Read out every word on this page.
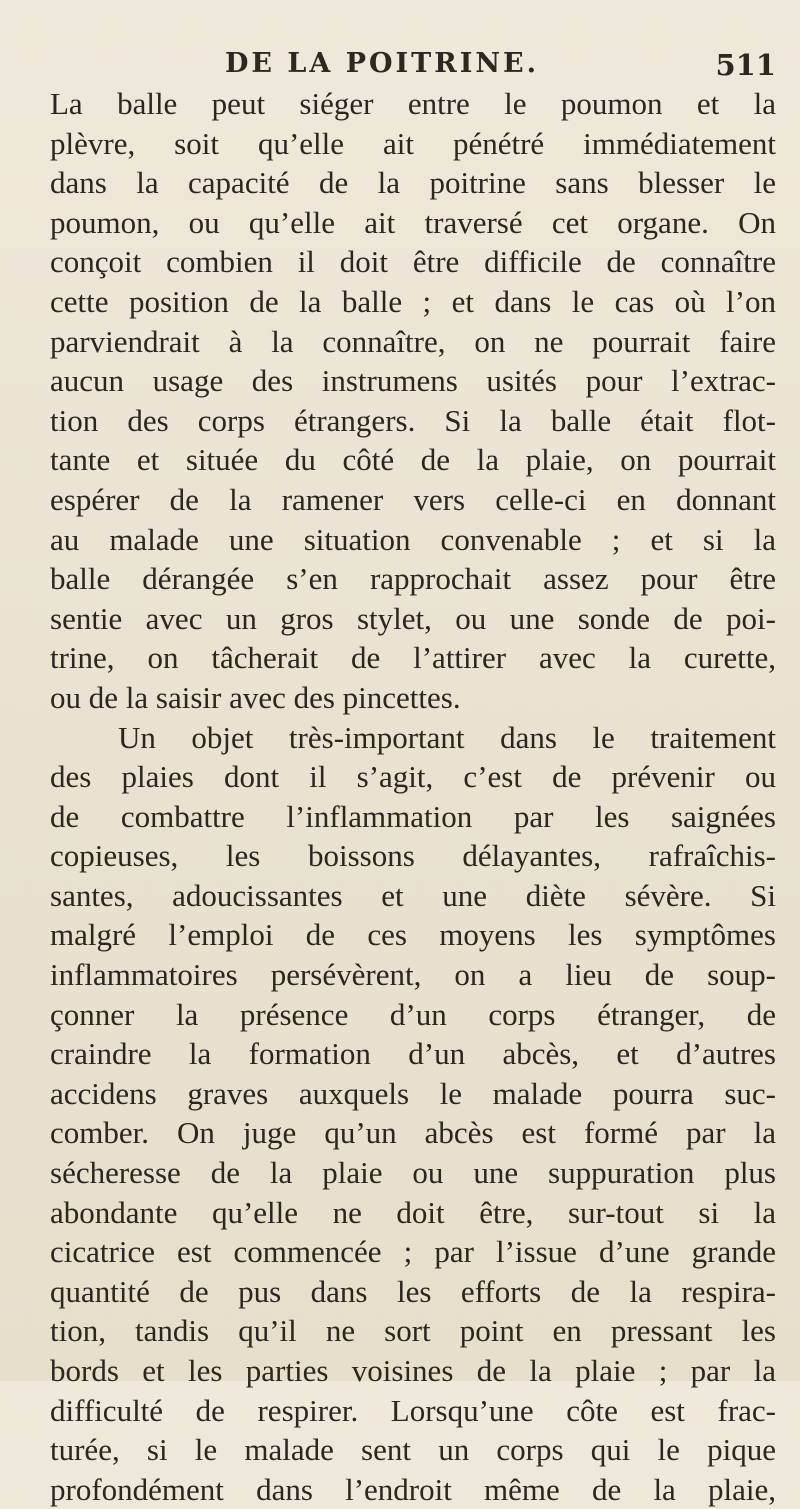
DE LA POITRINE.	511
La balle peut siéger entre le poumon et la
plèvre, soit qu’elle ait pénétré immédiatement
dans la capacité de la poitrine sans blesser le
poumon, ou qu’elle ait traversé cet organe. On
conçoit combien il doit être difficile de connaître
cette position de la balle ; et dans le cas où l’on
parviendrait à la connaître, on ne pourrait faire
aucun usage des instrumens usités pour l’extrac-
tion des corps étrangers. Si la balle était flot-
tante et située du côté de la plaie, on pourrait
espérer de la ramener vers celle-ci en donnant
au malade une situation convenable ; et si la
balle dérangée s’en rapprochait assez pour être
sentie avec un gros stylet, ou une sonde de poi-
trine, on tâcherait de l’attirer avec la curette,
ou de la saisir avec des pincettes.
Un objet très-important dans le traitement
des plaies dont il s’agit, c’est de prévenir ou
de combattre l’inflammation par les saignées
copieuses, les boissons délayantes, rafraîchis-
santes, adoucissantes et une diète sévère. Si
malgré l’emploi de ces moyens les symptômes
inflammatoires persévèrent, on a lieu de soup-
çonner la présence d’un corps étranger, de
craindre la formation d’un abcès, et d’autres
accidens graves auxquels le malade pourra suc-
comber. On juge qu’un abcès est formé par la
sécheresse de la plaie ou une suppuration plus
abondante qu’elle ne doit être, sur-tout si la
cicatrice est commencée ; par l’issue d’une grande
quantité de pus dans les efforts de la respira-
tion, tandis qu’il ne sort point en pressant les
bords et les parties voisines de la plaie ; par la
difficulté de respirer. Lorsqu’une côte est frac-
turée, si le malade sent un corps qui le pique
profondément dans l’endroit même de la plaie,
